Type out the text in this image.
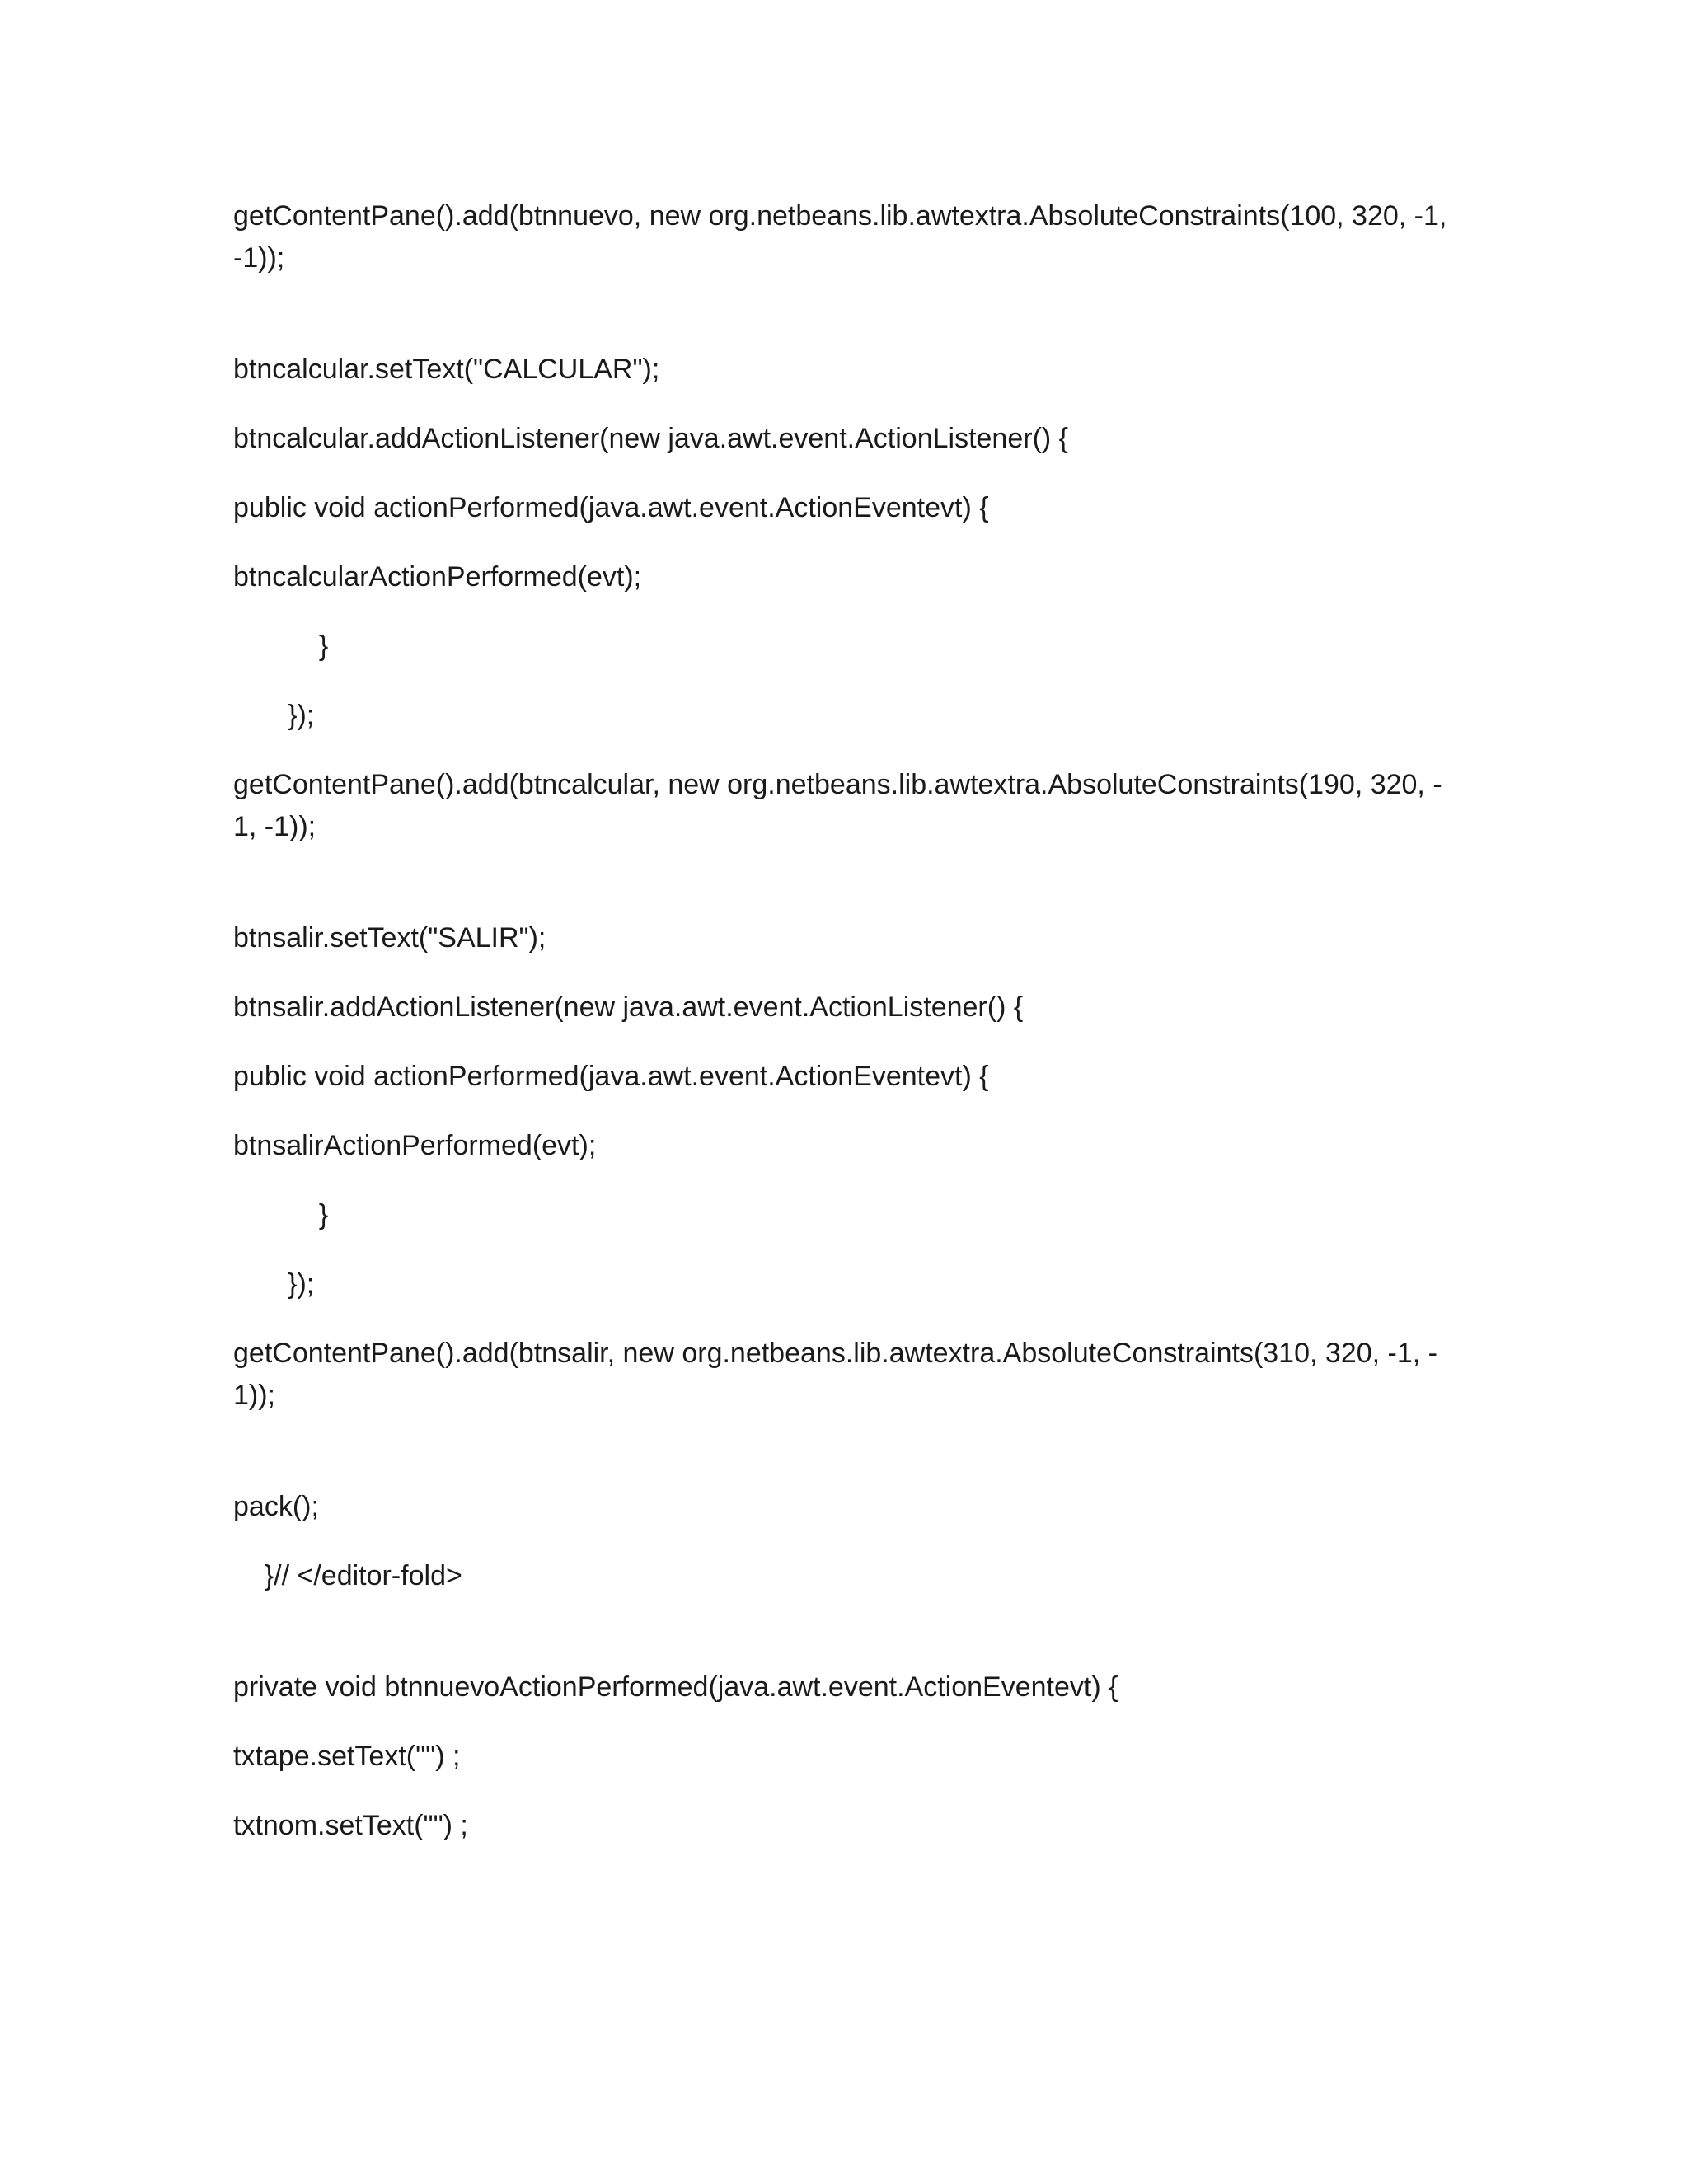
getContentPane().add(btnnuevo, new org.netbeans.lib.awtextra.AbsoluteConstraints(100, 320, -1,
-1));

btncalcular.setText("CALCULAR");

btncalcular.addActionListener(new java.awt.event.ActionListener() {

public void actionPerformed(java.awt.event.ActionEventevt) {

btncalcularActionPerformed(evt);

}

});

getContentPane().add(btncalcular, new org.netbeans.lib.awtextra.AbsoluteConstraints(190, 320, -
1, -1));

btnsalir.setText("SALIR");

btnsalir.addActionListener(new java.awt.event.ActionListener() {

public void actionPerformed(java.awt.event.ActionEventevt) {

btnsalirActionPerformed(evt);

}

});

getContentPane().add(btnsalir, new org.netbeans.lib.awtextra.AbsoluteConstraints(310, 320, -1, -
1));

pack();

}// </editor-fold>

private void btnnuevoActionPerformed(java.awt.event.ActionEventevt) {

txtape.setText("") ;

txtnom.setText("") ;
